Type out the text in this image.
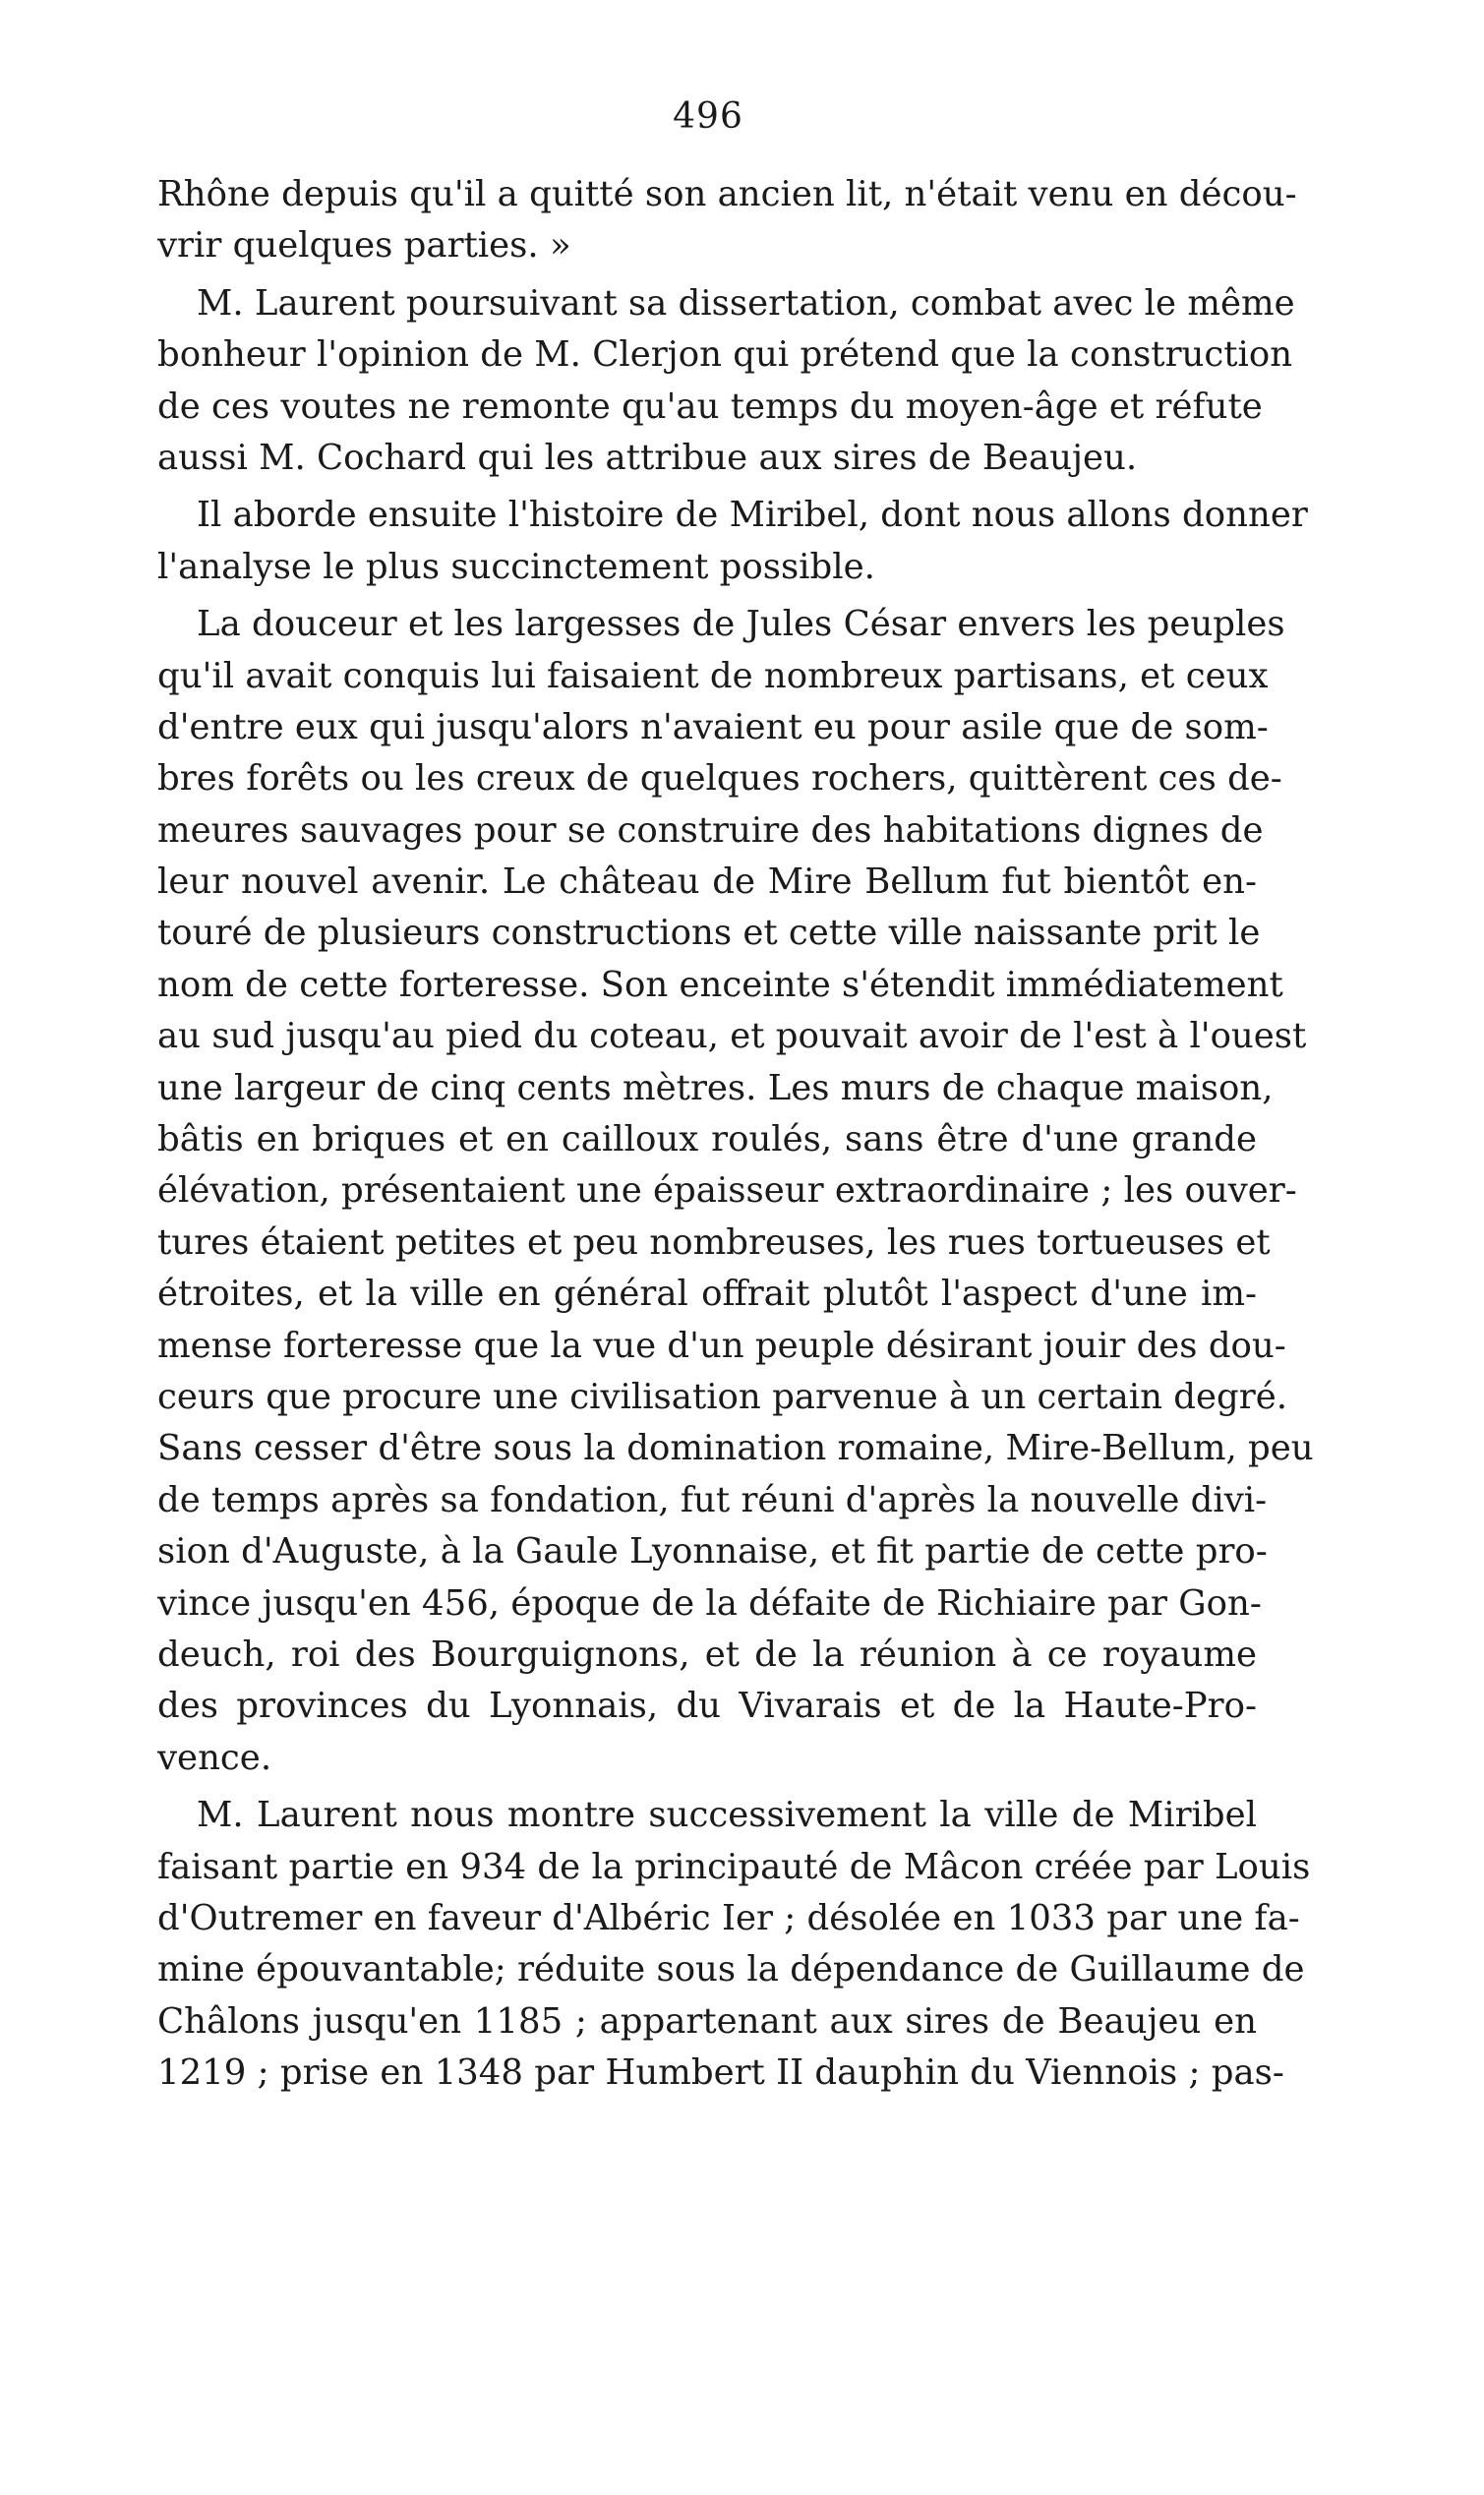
496
Rhône depuis qu'il a quitté son ancien lit, n'était venu en décou-
vrir quelques parties. »
M. Laurent poursuivant sa dissertation, combat avec le même
bonheur l'opinion de M. Clerjon qui prétend que la construction
de ces voutes ne remonte qu'au temps du moyen-âge et réfute
aussi M. Cochard qui les attribue aux sires de Beaujeu.
Il aborde ensuite l'histoire de Miribel, dont nous allons donner
l'analyse le plus succinctement possible.
La douceur et les largesses de Jules César envers les peuples
qu'il avait conquis lui faisaient de nombreux partisans, et ceux
d'entre eux qui jusqu'alors n'avaient eu pour asile que de som-
bres forêts ou les creux de quelques rochers, quittèrent ces de-
meures sauvages pour se construire des habitations dignes de
leur nouvel avenir. Le château de Mire Bellum fut bientôt en-
touré de plusieurs constructions et cette ville naissante prit le
nom de cette forteresse. Son enceinte s'étendit immédiatement
au sud jusqu'au pied du coteau, et pouvait avoir de l'est à l'ouest
une largeur de cinq cents mètres. Les murs de chaque maison,
bâtis en briques et en cailloux roulés, sans être d'une grande
élévation, présentaient une épaisseur extraordinaire ; les ouver-
tures étaient petites et peu nombreuses, les rues tortueuses et
étroites, et la ville en général offrait plutôt l'aspect d'une im-
mense forteresse que la vue d'un peuple désirant jouir des dou-
ceurs que procure une civilisation parvenue à un certain degré.
Sans cesser d'être sous la domination romaine, Mire-Bellum, peu
de temps après sa fondation, fut réuni d'après la nouvelle divi-
sion d'Auguste, à la Gaule Lyonnaise, et fit partie de cette pro-
vince jusqu'en 456, époque de la défaite de Richiaire par Gon-
deuch, roi des Bourguignons, et de la réunion à ce royaume
des provinces du Lyonnais, du Vivarais et de la Haute-Pro-
vence.
M. Laurent nous montre successivement la ville de Miribel
faisant partie en 934 de la principauté de Mâcon créée par Louis
d'Outremer en faveur d'Albéric Ier ; désolée en 1033 par une fa-
mine épouvantable; réduite sous la dépendance de Guillaume de
Châlons jusqu'en 1185 ; appartenant aux sires de Beaujeu en
1219 ; prise en 1348 par Humbert II dauphin du Viennois ; pas-
